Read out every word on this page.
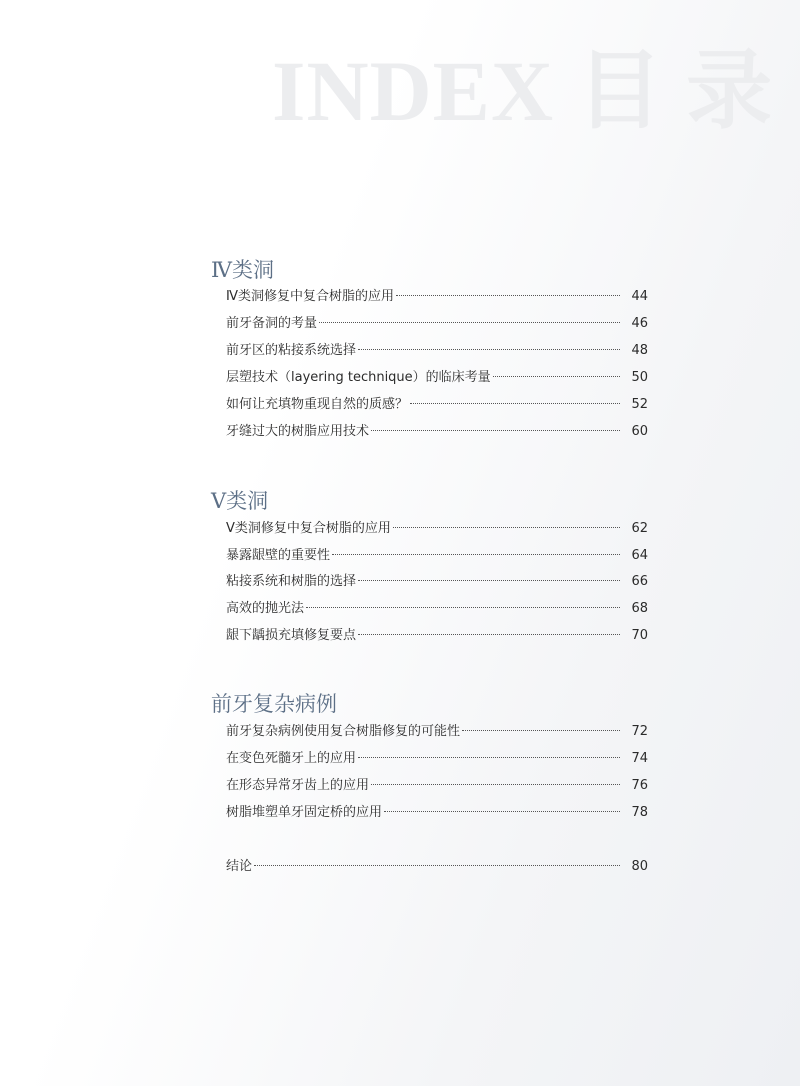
INDEX 目 录
Ⅳ类洞
Ⅳ类洞修复中复合树脂的应用	44
前牙备洞的考量	46
前牙区的粘接系统选择	48
层塑技术（layering technique）的临床考量	50
如何让充填物重现自然的质感？	52
牙缝过大的树脂应用技术	60
Ⅴ类洞
Ⅴ类洞修复中复合树脂的应用	62
暴露龈壁的重要性	64
粘接系统和树脂的选择	66
高效的抛光法	68
龈下龋损充填修复要点	70
前牙复杂病例
前牙复杂病例使用复合树脂修复的可能性	72
在变色死髓牙上的应用	74
在形态异常牙齿上的应用	76
树脂堆塑单牙固定桥的应用	78
结论	80
